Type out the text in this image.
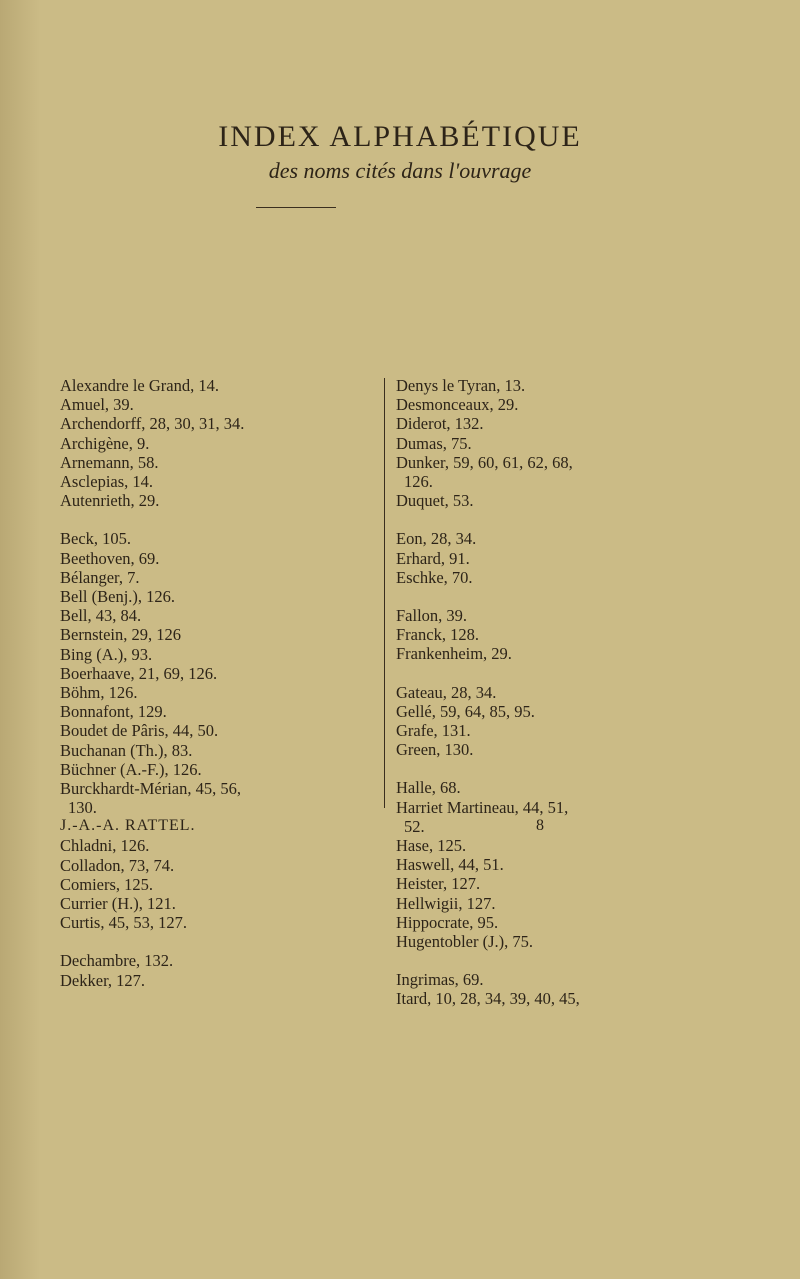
INDEX ALPHABÉTIQUE
des noms cités dans l'ouvrage
Alexandre le Grand, 14.
Amuel, 39.
Archendorff, 28, 30, 31, 34.
Archigène, 9.
Arnemann, 58.
Asclepias, 14.
Autenrieth, 29.
Beck, 105.
Beethoven, 69.
Bélanger, 7.
Bell (Benj.), 126.
Bell, 43, 84.
Bernstein, 29, 126
Bing (A.), 93.
Boerhaave, 21, 69, 126.
Böhm, 126.
Bonnafont, 129.
Boudet de Pâris, 44, 50.
Buchanan (Th.), 83.
Büchner (A.-F.), 126.
Burckhardt-Mérian, 45, 56,
130.
Chladni, 126.
Colladon, 73, 74.
Comiers, 125.
Currier (H.), 121.
Curtis, 45, 53, 127.
Dechambre, 132.
Dekker, 127.
Denys le Tyran, 13.
Desmonceaux, 29.
Diderot, 132.
Dumas, 75.
Dunker, 59, 60, 61, 62, 68,
126.
Duquet, 53.
Eon, 28, 34.
Erhard, 91.
Eschke, 70.
Fallon, 39.
Franck, 128.
Frankenheim, 29.
Gateau, 28, 34.
Gellé, 59, 64, 85, 95.
Grafe, 131.
Green, 130.
Halle, 68.
Harriet Martineau, 44, 51,
52.
Hase, 125.
Haswell, 44, 51.
Heister, 127.
Hellwigii, 127.
Hippocrate, 95.
Hugentobler (J.), 75.
Ingrimas, 69.
Itard, 10, 28, 34, 39, 40, 45,
J.-A.-A. RATTEL.	8
